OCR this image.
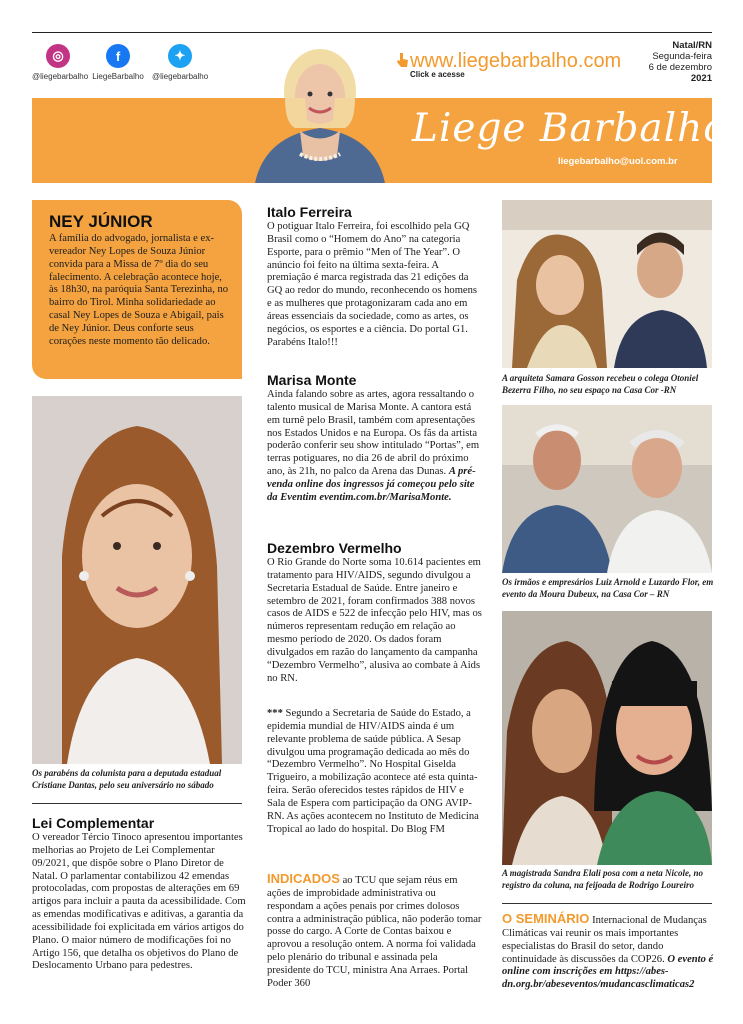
◎
@liegebarbalho
f
LiegeBarbalho
✦
@liegebarbalho
www.liegebarbalho.com
Click e acesse
Natal/RN
Segunda-feira
6 de dezembro
2021
Liege Barbalho
liegebarbalho@uol.com.br
NEY JÚNIOR
A família do advogado, jornalista e ex-vereador Ney Lopes de Souza Júnior convida para a Missa de 7º dia do seu falecimento. A celebração acontece hoje, às 18h30, na paróquia Santa Terezinha, no bairro do Tirol. Minha solidariedade ao casal Ney Lopes de Souza e Abigail, pais de Ney Júnior. Deus conforte seus corações neste momento tão delicado.
Os parabéns da colunista para a deputada estadual Cristiane Dantas, pelo seu aniversário no sábado
Lei Complementar
O vereador Tércio Tinoco apresentou importantes melhorias ao Projeto de Lei Complementar 09/2021, que dispõe sobre o Plano Diretor de Natal. O parlamentar contabilizou 42 emendas protocoladas, com propostas de alterações em 69 artigos para incluir a pauta da acessibilidade. Com as emendas modificativas e aditivas, a garantia da acessibilidade foi explicitada em vários artigos do Plano. O maior número de modificações foi no Artigo 156, que detalha os objetivos do Plano de Deslocamento Urbano para pedestres.
Italo Ferreira
O potiguar Italo Ferreira, foi escolhido pela GQ Brasil como o “Homem do Ano” na categoria Esporte, para o prêmio “Men of The Year”. O anúncio foi feito na última sexta-feira. A premiação é marca registrada das 21 edições da GQ ao redor do mundo, reconhecendo os homens e as mulheres que protagonizaram cada ano em áreas essenciais da sociedade, como as artes, os negócios, os esportes e a ciência. Do portal G1. Parabéns Italo!!!
Marisa Monte
Ainda falando sobre as artes, agora ressaltando o talento musical de Marisa Monte. A cantora está em turnê pelo Brasil, também com apresentações nos Estados Unidos e na Europa. Os fãs da artista poderão conferir seu show intitulado “Portas”, em terras potiguares, no dia 26 de abril do próximo ano, às 21h, no palco da Arena das Dunas. A pré-venda online dos ingressos já começou pelo site da Eventim eventim.com.br/MarisaMonte.
Dezembro Vermelho
O Rio Grande do Norte soma 10.614 pacientes em tratamento para HIV/AIDS, segundo divulgou a Secretaria Estadual de Saúde. Entre janeiro e setembro de 2021, foram confirmados 388 novos casos de AIDS e 522 de infecção pelo HIV, mas os números representam redução em relação ao mesmo período de 2020. Os dados foram divulgados em razão do lançamento da campanha “Dezembro Vermelho”, alusiva ao combate à Aids no RN.
*** Segundo a Secretaria de Saúde do Estado, a epidemia mundial de HIV/AIDS ainda é um relevante problema de saúde pública. A Sesap divulgou uma programação dedicada ao mês do “Dezembro Vermelho”. No Hospital Giselda Trigueiro, a mobilização acontece até esta quinta-feira. Serão oferecidos testes rápidos de HIV e Sala de Espera com participação da ONG AVIP-RN. As ações acontecem no Instituto de Medicina Tropical ao lado do hospital. Do Blog FM
INDICADOS ao TCU que sejam réus em ações de improbidade administrativa ou respondam a ações penais por crimes dolosos contra a administração pública, não poderão tomar posse do cargo. A Corte de Contas baixou e aprovou a resolução ontem. A norma foi validada pelo plenário do tribunal e assinada pela presidente do TCU, ministra Ana Arraes. Portal Poder 360
A arquiteta Samara Gosson recebeu o colega Otoniel Bezerra Filho, no seu espaço na Casa Cor -RN
Os irmãos e empresários Luiz Arnold e Luzardo Flor, em evento da Moura Dubeux, na Casa Cor – RN
A magistrada Sandra Elali posa com a neta Nicole, no registro da coluna, na feijoada de Rodrigo Loureiro
O SEMINÁRIO Internacional de Mudanças Climáticas vai reunir os mais importantes especialistas do Brasil do setor, dando continuidade às discussões da COP26. O evento é online com inscrições em https://abes-dn.org.br/abeseventos/mudancasclimaticas2
